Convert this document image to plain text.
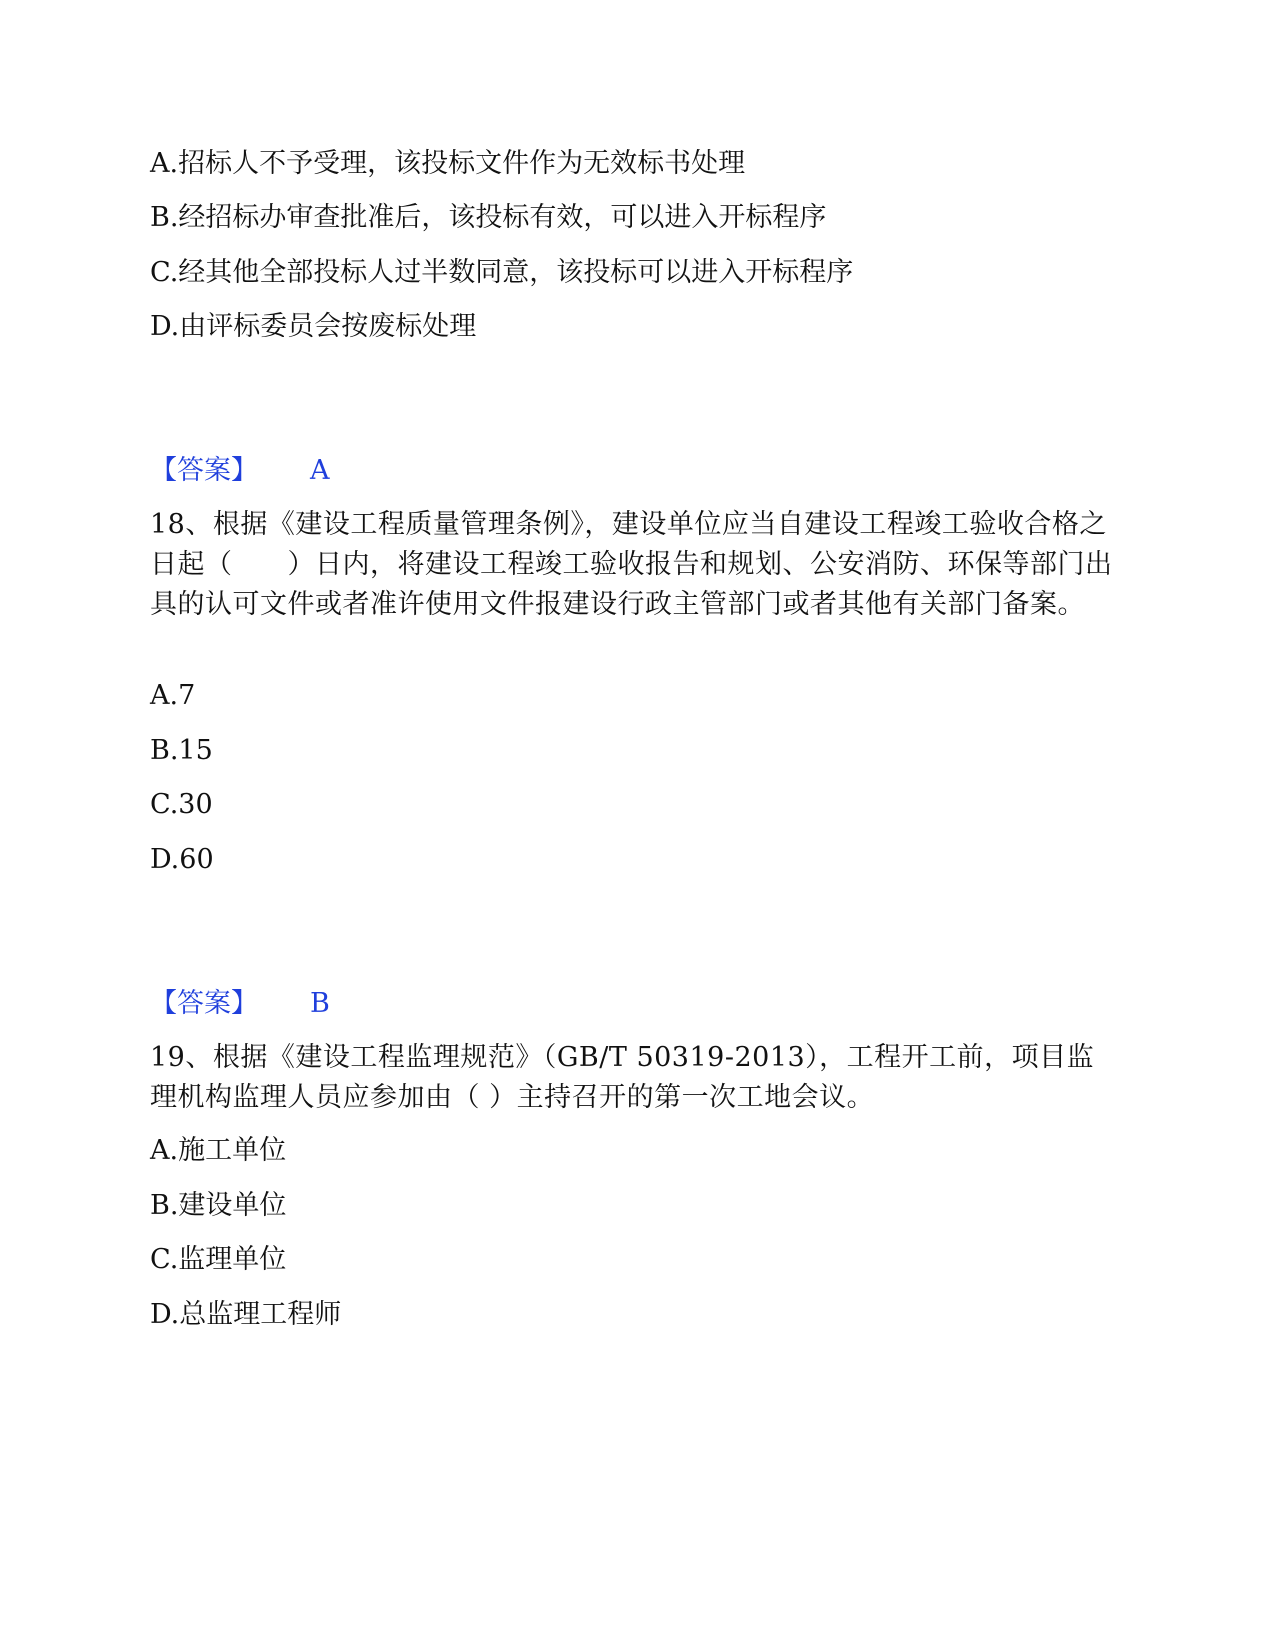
A.招标人不予受理，该投标文件作为无效标书处理
B.经招标办审查批准后，该投标有效，可以进入开标程序
C.经其他全部投标人过半数同意，该投标可以进入开标程序
D.由评标委员会按废标处理
【答案】 A
18、根据《建设工程质量管理条例》，建设单位应当自建设工程竣工验收合格之日起（　　）日内，将建设工程竣工验收报告和规划、公安消防、环保等部门出具的认可文件或者准许使用文件报建设行政主管部门或者其他有关部门备案。
A.7
B.15
C.30
D.60
【答案】 B
19、根据《建设工程监理规范》（GB/T 50319-2013），工程开工前，项目监理机构监理人员应参加由（ ）主持召开的第一次工地会议。
A.施工单位
B.建设单位
C.监理单位
D.总监理工程师
